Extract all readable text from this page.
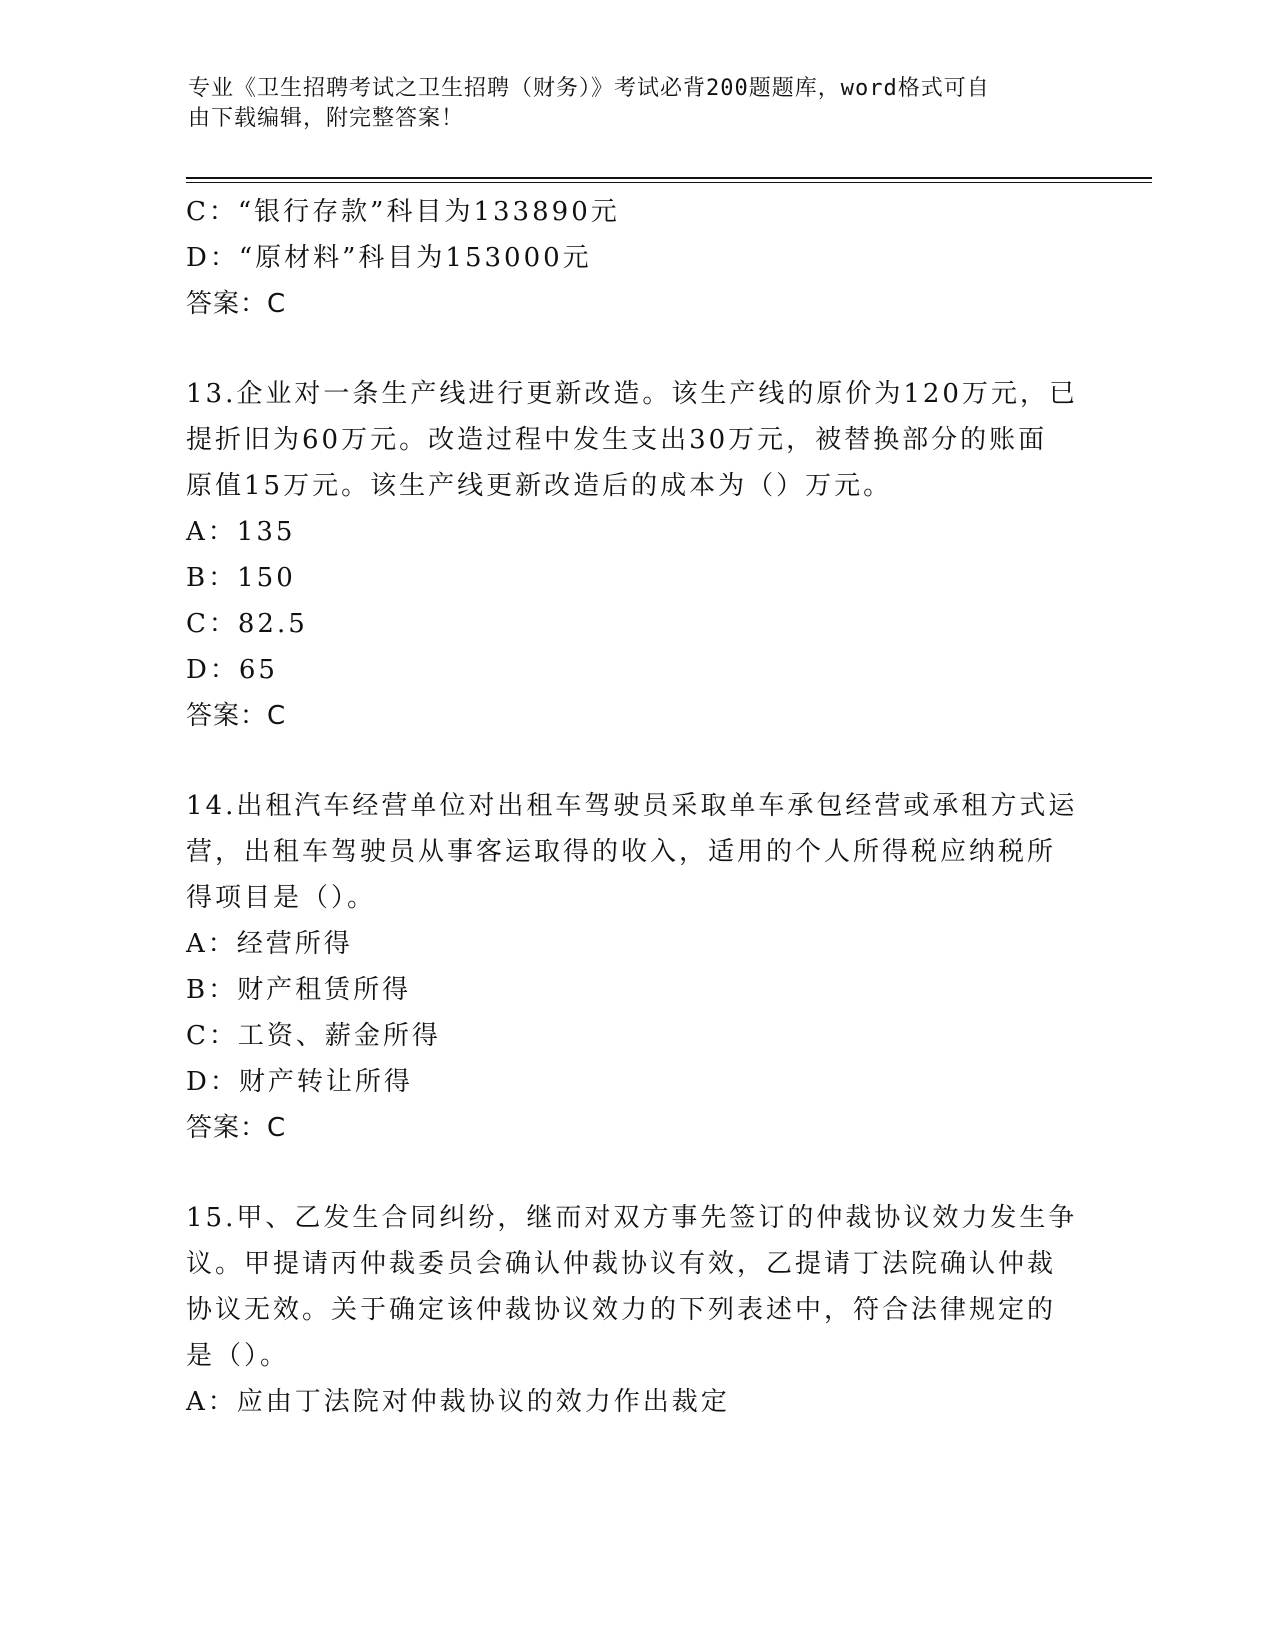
专业《卫生招聘考试之卫生招聘（财务）》考试必背200题题库，word格式可自
由下载编辑，附完整答案！
C：“银行存款”科目为133890元
D：“原材料”科目为153000元
答案：C
13.企业对一条生产线进行更新改造。该生产线的原价为120万元，已
提折旧为60万元。改造过程中发生支出30万元，被替换部分的账面
原值15万元。该生产线更新改造后的成本为（）万元。
A：135
B：150
C：82.5
D：65
答案：C
14.出租汽车经营单位对出租车驾驶员采取单车承包经营或承租方式运
营，出租车驾驶员从事客运取得的收入，适用的个人所得税应纳税所
得项目是（）。
A：经营所得
B：财产租赁所得
C：工资、薪金所得
D：财产转让所得
答案：C
15.甲、乙发生合同纠纷，继而对双方事先签订的仲裁协议效力发生争
议。甲提请丙仲裁委员会确认仲裁协议有效，乙提请丁法院确认仲裁
协议无效。关于确定该仲裁协议效力的下列表述中，符合法律规定的
是（）。
A：应由丁法院对仲裁协议的效力作出裁定
